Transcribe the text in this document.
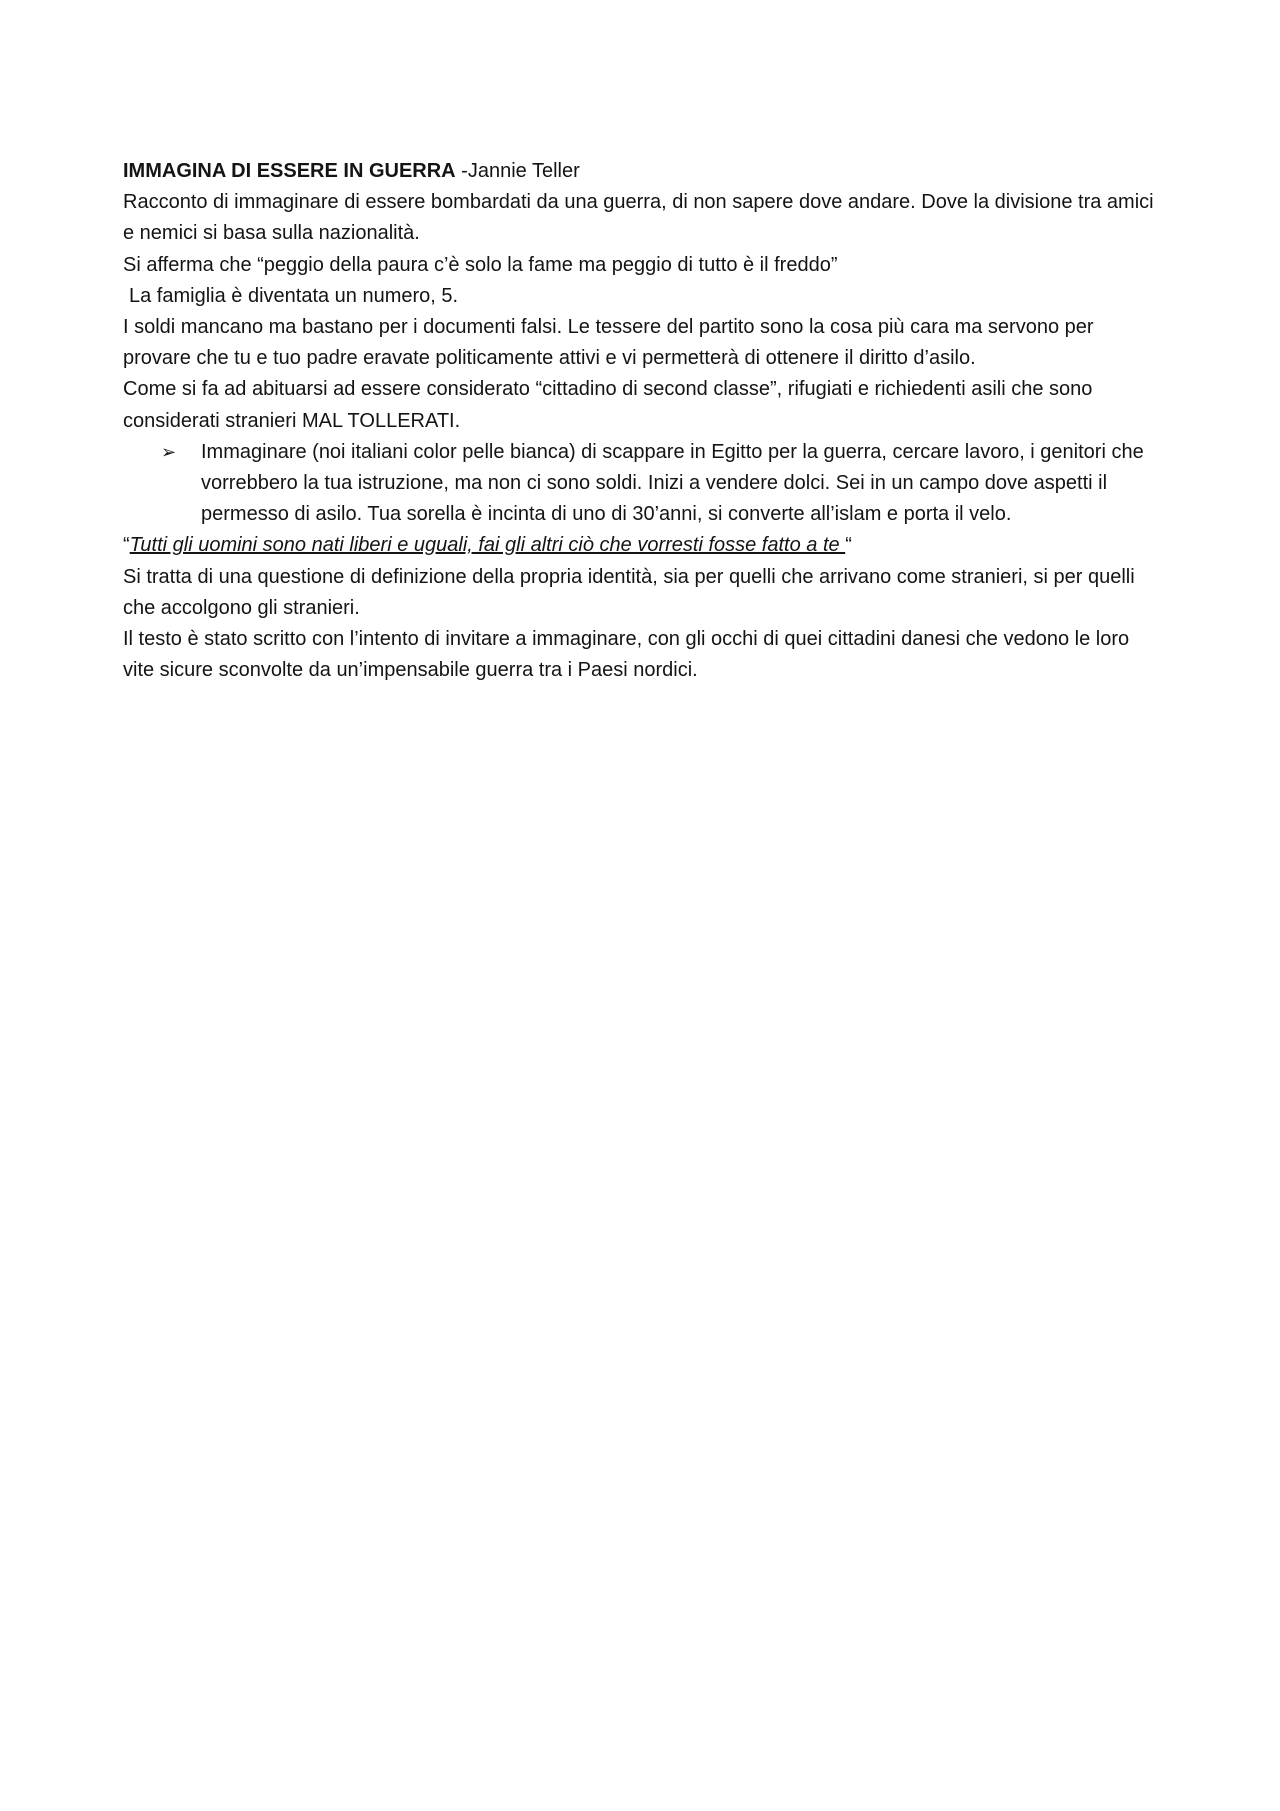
IMMAGINA DI ESSERE IN GUERRA -Jannie Teller

Racconto di immaginare di essere bombardati da una guerra, di non sapere dove andare. Dove la divisione tra amici e nemici si basa sulla nazionalità.

Si afferma che “peggio della paura c’è solo la fame ma peggio di tutto è il freddo”

La famiglia è diventata un numero, 5.

I soldi mancano ma bastano per i documenti falsi. Le tessere del partito sono la cosa più cara ma servono per provare che tu e tuo padre eravate politicamente attivi e vi permetterà di ottenere il diritto d’asilo.

Come si fa ad abituarsi ad essere considerato “cittadino di second classe”, rifugiati e richiedenti asili che sono considerati stranieri MAL TOLLERATI.

➢ Immaginare (noi italiani color pelle bianca) di scappare in Egitto per la guerra, cercare lavoro, i genitori che vorrebbero la tua istruzione, ma non ci sono soldi. Inizi a vendere dolci. Sei in un campo dove aspetti il permesso di asilo. Tua sorella è incinta di uno di 30’anni, si converte all’islam e porta il velo.

“Tutti gli uomini sono nati liberi e uguali, fai gli altri ciò che vorresti fosse fatto a te “

Si tratta di una questione di definizione della propria identità, sia per quelli che arrivano come stranieri, si per quelli che accolgono gli stranieri.

Il testo è stato scritto con l’intento di invitare a immaginare, con gli occhi di quei cittadini danesi che vedono le loro vite sicure sconvolte da un’impensabile guerra tra i Paesi nordici.
